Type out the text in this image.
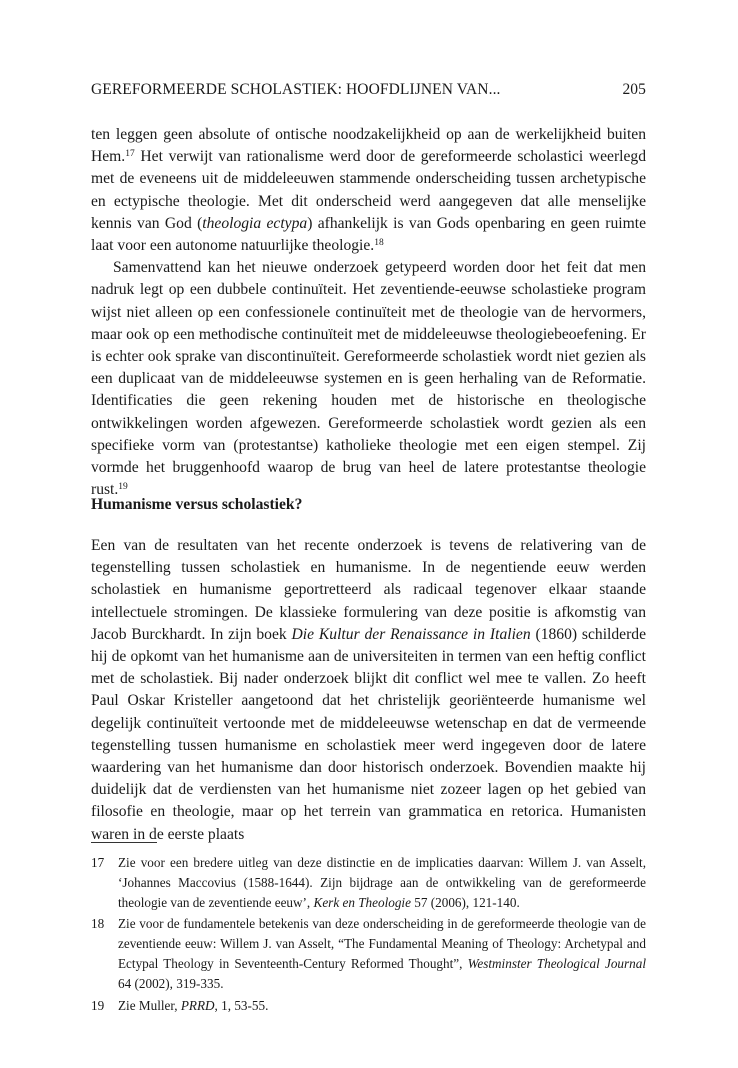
GEREFORMEERDE SCHOLASTIEK: HOOFDLIJNEN VAN...	205

ten leggen geen absolute of ontische noodzakelijkheid op aan de werkelijkheid buiten Hem.$^{17}$ Het verwijt van rationalisme werd door de gereformeerde scholastici weerlegd met de eveneens uit de middeleeuwen stammende onderscheiding tussen archetypische en ectypische theologie. Met dit onderscheid werd aangegeven dat alle menselijke kennis van God (theologia ectypa) afhankelijk is van Gods openbaring en geen ruimte laat voor een autonome natuurlijke theologie.$^{18}$

Samenvattend kan het nieuwe onderzoek getypeerd worden door het feit dat men nadruk legt op een dubbele continuïteit. Het zeventiende-eeuwse scholastieke program wijst niet alleen op een confessionele continuïteit met de theologie van de hervormers, maar ook op een methodische continuïteit met de middeleeuwse theologiebeoefening. Er is echter ook sprake van discontinuïteit. Gereformeerde scholastiek wordt niet gezien als een duplicaat van de middeleeuwse systemen en is geen herhaling van de Reformatie. Identificaties die geen rekening houden met de historische en theologische ontwikkelingen worden afgewezen. Gereformeerde scholastiek wordt gezien als een specifieke vorm van (protestantse) katholieke theologie met een eigen stempel. Zij vormde het bruggenhoofd waarop de brug van heel de latere protestantse theologie rust.$^{19}$

Humanisme versus scholastiek?

Een van de resultaten van het recente onderzoek is tevens de relativering van de tegenstelling tussen scholastiek en humanisme. In de negentiende eeuw werden scholastiek en humanisme geportretteerd als radicaal tegenover elkaar staande intellectuele stromingen. De klassieke formulering van deze positie is afkomstig van Jacob Burckhardt. In zijn boek Die Kultur der Renaissance in Italien (1860) schilderde hij de opkomt van het humanisme aan de universiteiten in termen van een heftig conflict met de scholastiek. Bij nader onderzoek blijkt dit conflict wel mee te vallen. Zo heeft Paul Oskar Kristeller aangetoond dat het christelijk georiënteerde humanisme wel degelijk continuïteit vertoonde met de middeleeuwse wetenschap en dat de vermeende tegenstelling tussen humanisme en scholastiek meer werd ingegeven door de latere waardering van het humanisme dan door historisch onderzoek. Bovendien maakte hij duidelijk dat de verdiensten van het humanisme niet zozeer lagen op het gebied van filosofie en theologie, maar op het terrein van grammatica en retorica. Humanisten waren in de eerste plaats

17 Zie voor een bredere uitleg van deze distinctie en de implicaties daarvan: Willem J. van Asselt, ‘Johannes Maccovius (1588-1644). Zijn bijdrage aan de ontwikkeling van de gereformeerde theologie van de zeventiende eeuw’, Kerk en Theologie 57 (2006), 121-140.
18 Zie voor de fundamentele betekenis van deze onderscheiding in de gereformeerde theologie van de zeventiende eeuw: Willem J. van Asselt, “The Fundamental Meaning of Theology: Archetypal and Ectypal Theology in Seventeenth-Century Reformed Thought”, Westminster Theological Journal 64 (2002), 319-335.
19 Zie Muller, PRRD, 1, 53-55.
